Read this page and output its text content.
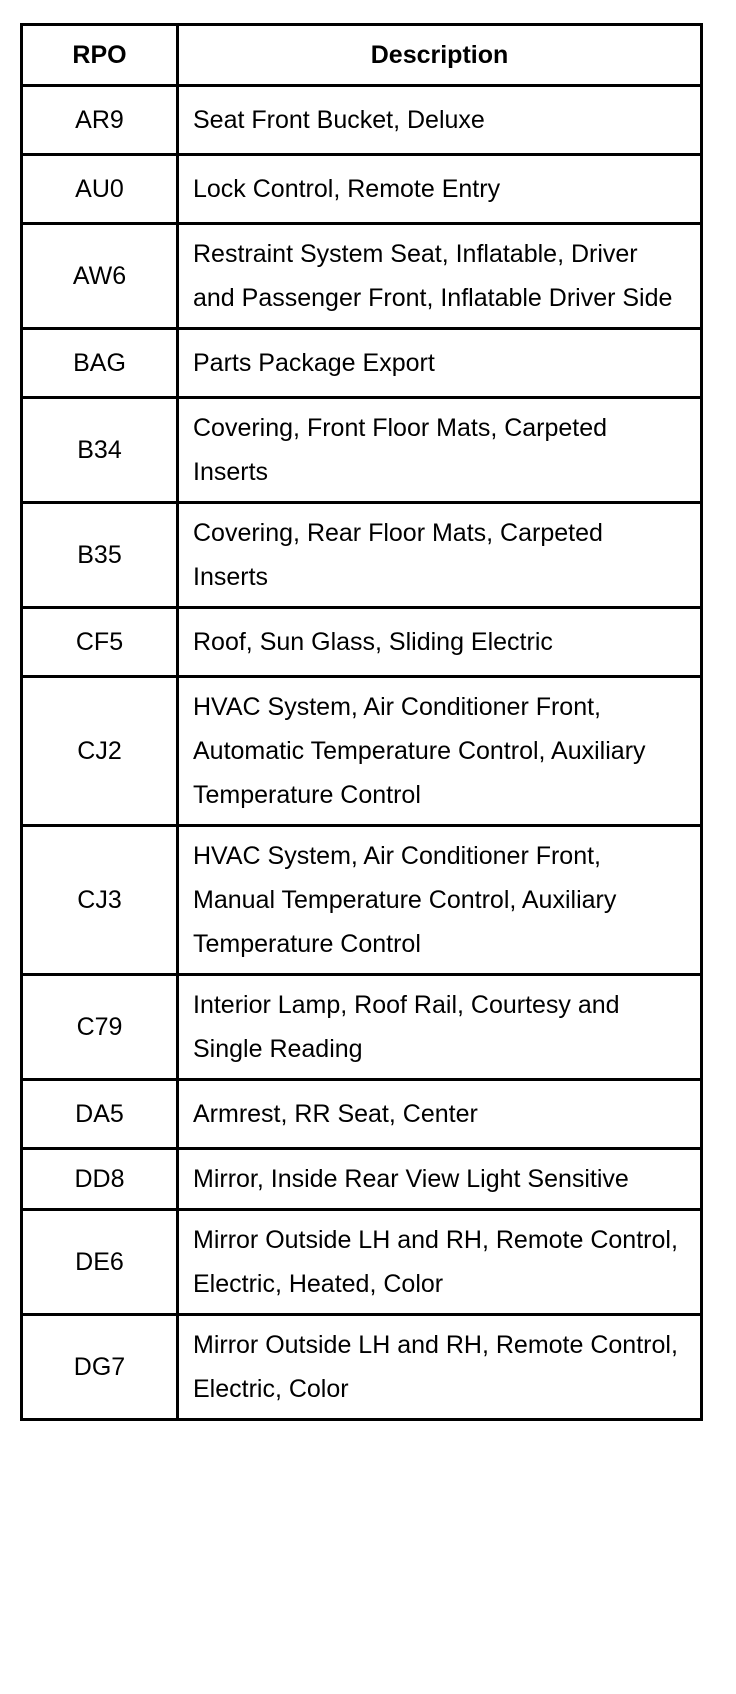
RPO	Description
AR9	Seat Front Bucket, Deluxe
AU0	Lock Control, Remote Entry
AW6	Restraint System Seat, Inflatable, Driver and Passenger Front, Inflatable Driver Side
BAG	Parts Package Export
B34	Covering, Front Floor Mats, Carpeted Inserts
B35	Covering, Rear Floor Mats, Carpeted Inserts
CF5	Roof, Sun Glass, Sliding Electric
CJ2	HVAC System, Air Conditioner Front, Automatic Temperature Control, Auxiliary Temperature Control
CJ3	HVAC System, Air Conditioner Front, Manual Temperature Control, Auxiliary Temperature Control
C79	Interior Lamp, Roof Rail, Courtesy and Single Reading
DA5	Armrest, RR Seat, Center
DD8	Mirror, Inside Rear View Light Sensitive
DE6	Mirror Outside LH and RH, Remote Control, Electric, Heated, Color
DG7	Mirror Outside LH and RH, Remote Control, Electric, Color
